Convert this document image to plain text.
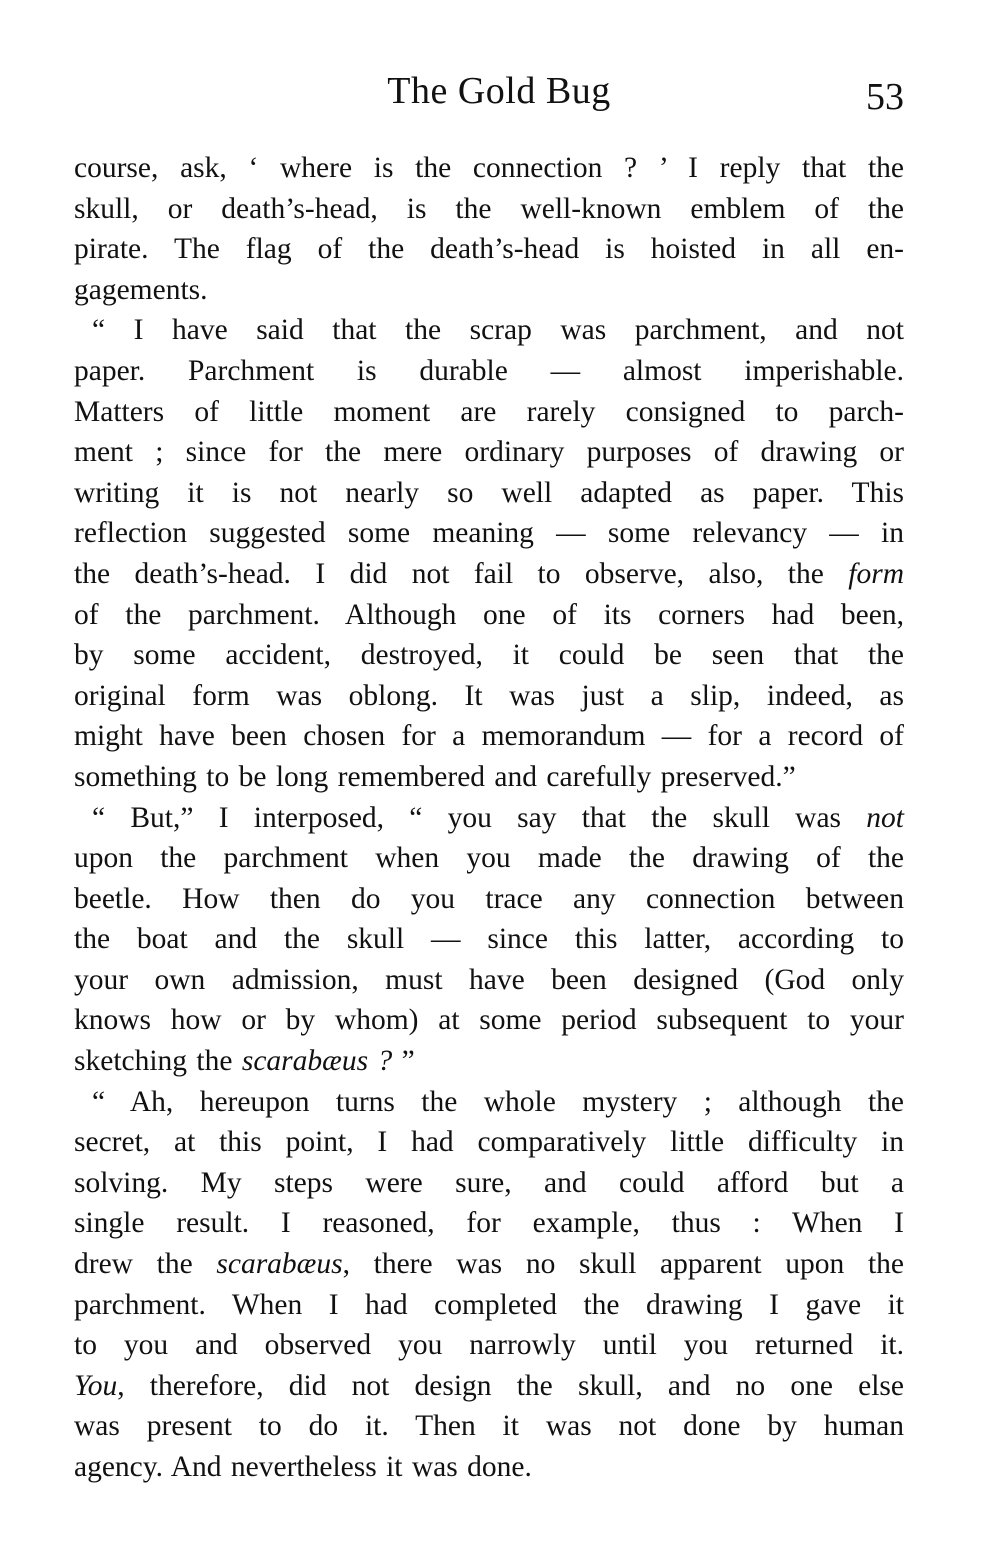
The Gold Bug	53
course, ask, ‘ where is the connection ? ’ I reply that the
skull, or death’s-head, is the well-known emblem of the
pirate. The flag of the death’s-head is hoisted in all en-
gagements.
“ I have said that the scrap was parchment, and not
paper. Parchment is durable — almost imperishable.
Matters of little moment are rarely consigned to parch-
ment ; since for the mere ordinary purposes of drawing or
writing it is not nearly so well adapted as paper. This
reflection suggested some meaning — some relevancy — in
the death’s-head. I did not fail to observe, also, the form
of the parchment. Although one of its corners had been,
by some accident, destroyed, it could be seen that the
original form was oblong. It was just a slip, indeed, as
might have been chosen for a memorandum — for a record of
something to be long remembered and carefully preserved.”
“ But,” I interposed, “ you say that the skull was not
upon the parchment when you made the drawing of the
beetle. How then do you trace any connection between
the boat and the skull — since this latter, according to
your own admission, must have been designed (God only
knows how or by whom) at some period subsequent to your
sketching the scarabæus ? ”
“ Ah, hereupon turns the whole mystery ; although the
secret, at this point, I had comparatively little difficulty in
solving. My steps were sure, and could afford but a
single result. I reasoned, for example, thus : When I
drew the scarabæus, there was no skull apparent upon the
parchment. When I had completed the drawing I gave it
to you and observed you narrowly until you returned it.
You, therefore, did not design the skull, and no one else
was present to do it. Then it was not done by human
agency. And nevertheless it was done.
